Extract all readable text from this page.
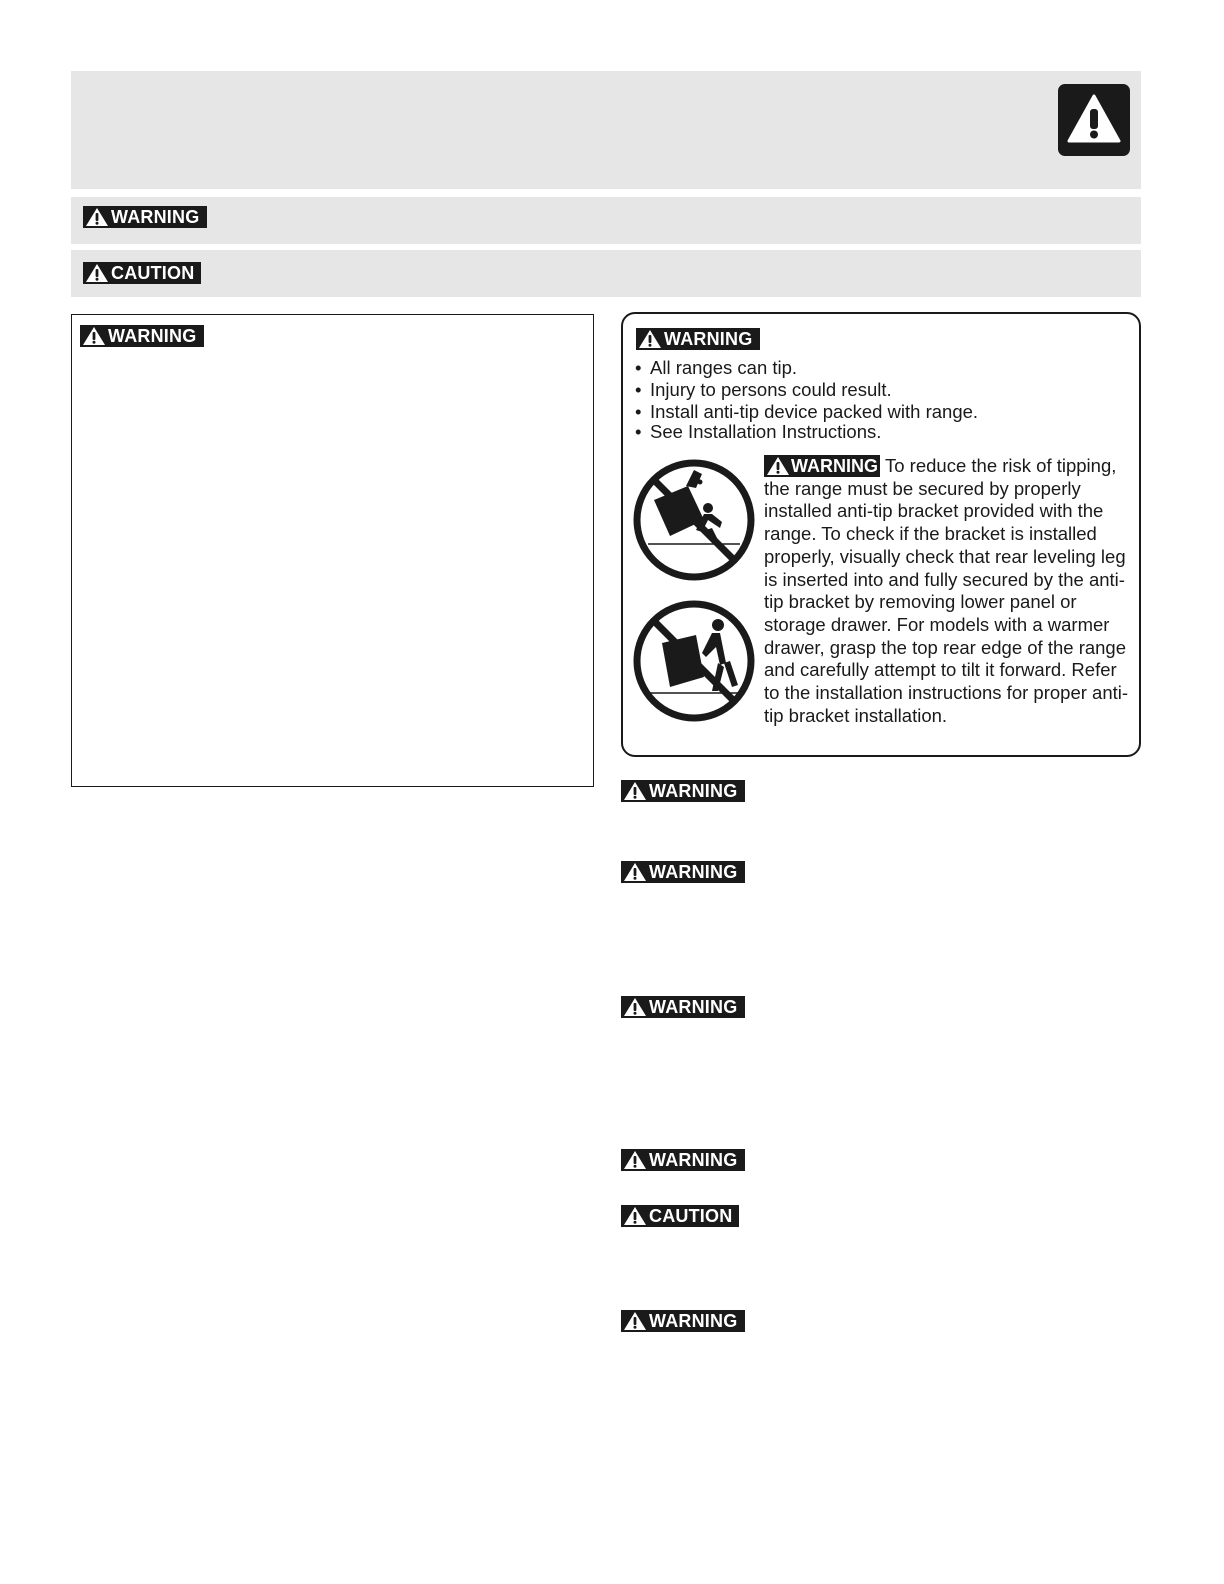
WARNING
CAUTION
WARNING	WARNING
• All ranges can tip.
• Injury to persons could result.
• Install anti-tip device packed with range.
• See Installation Instructions.
WARNING To reduce the risk of tipping, the range must be secured by properly installed anti-tip bracket provided with the range. To check if the bracket is installed properly, visually check that rear leveling leg is inserted into and fully secured by the anti-tip bracket by removing lower panel or storage drawer. For models with a warmer drawer, grasp the top rear edge of the range and carefully attempt to tilt it forward. Refer to the installation instructions for proper anti-tip bracket installation.
WARNING
WARNING
WARNING
WARNING
CAUTION
WARNING
